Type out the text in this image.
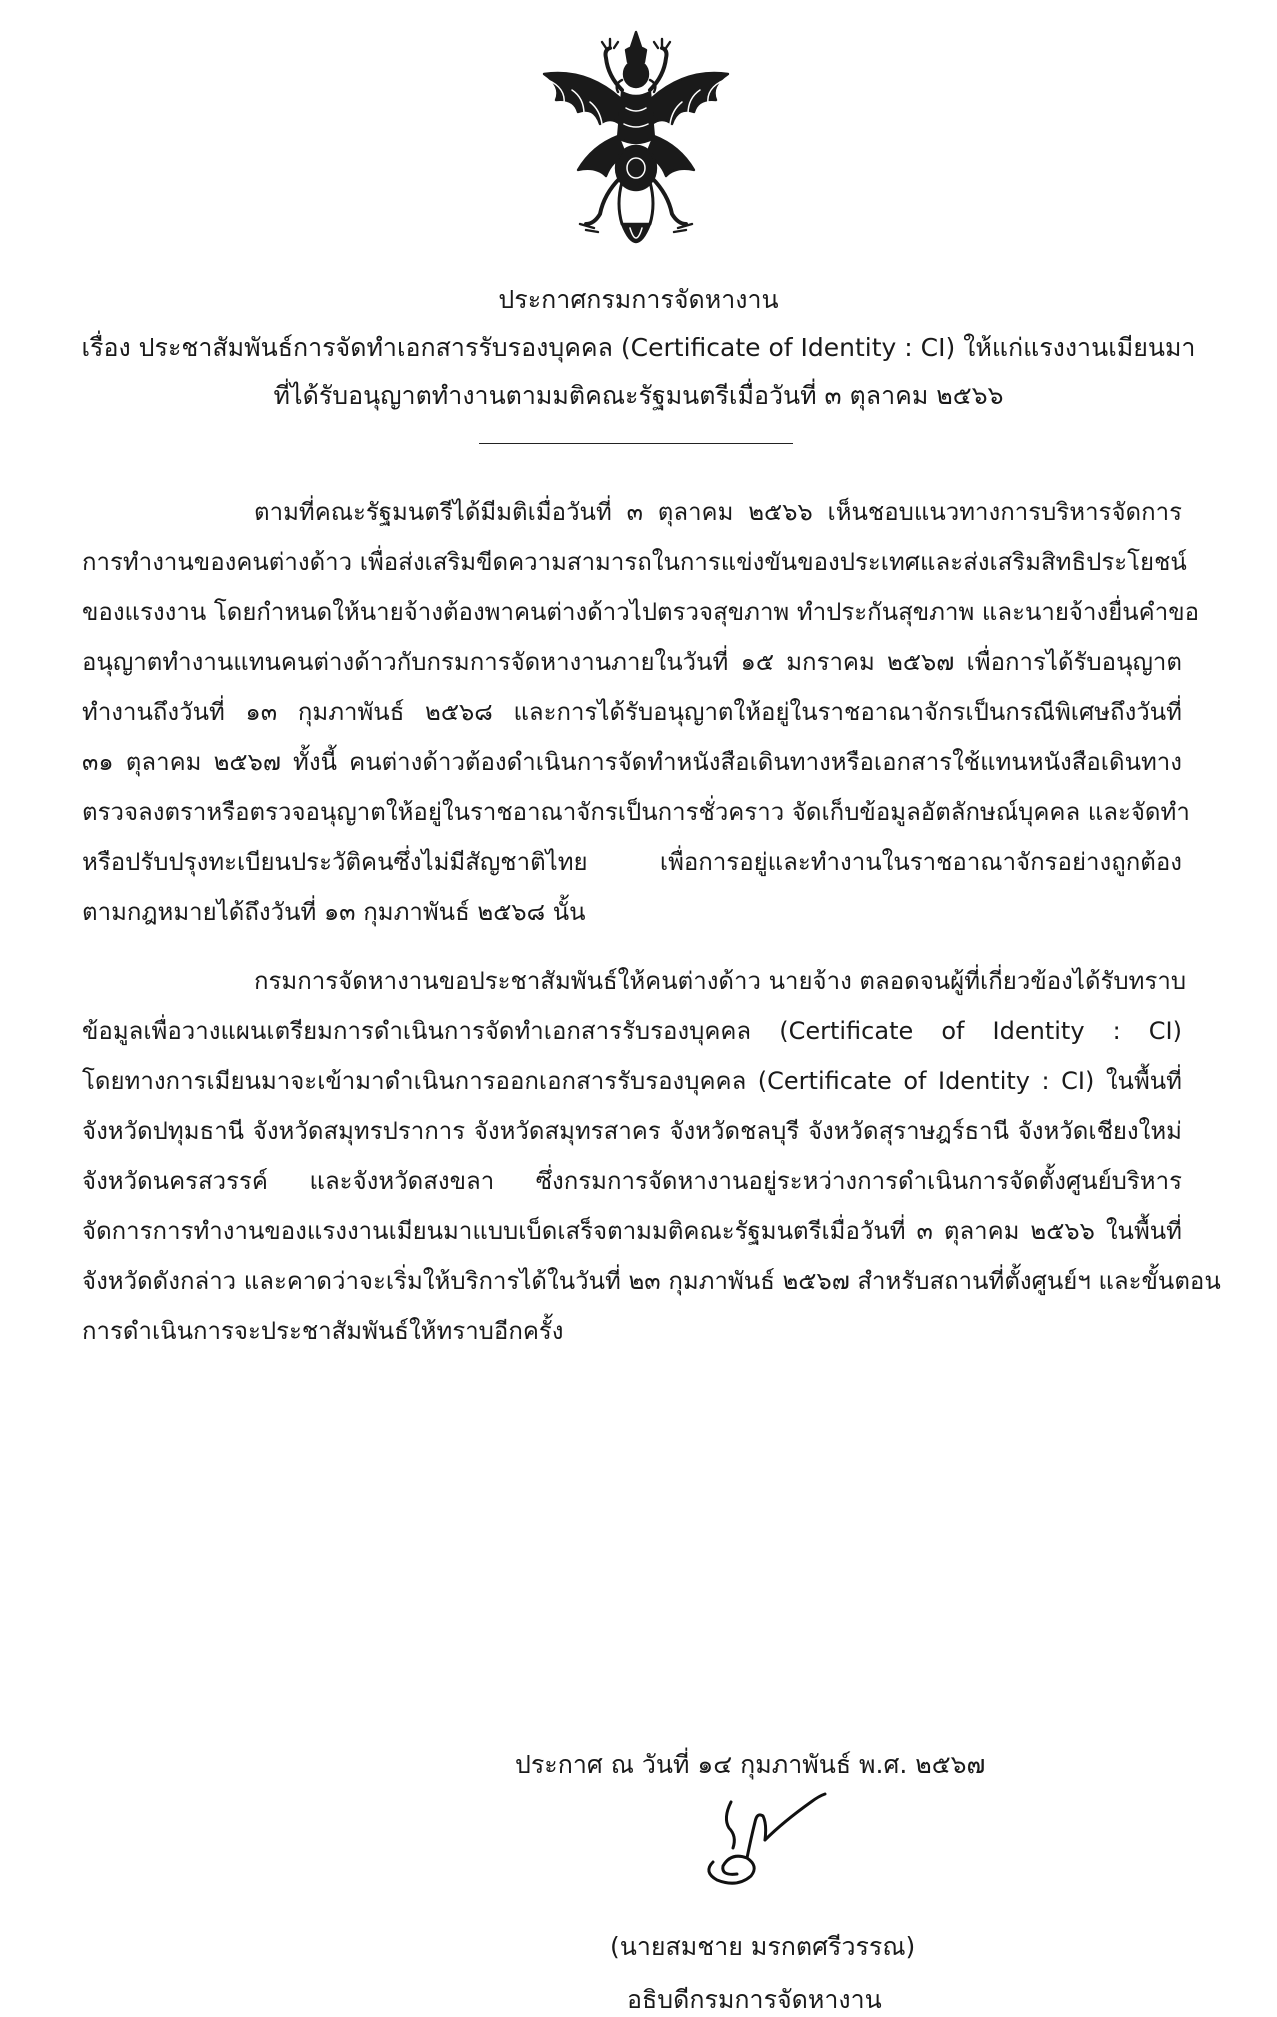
ประกาศกรมการจัดหางาน
เรื่อง ประชาสัมพันธ์การจัดทำเอกสารรับรองบุคคล (Certificate of Identity : CI) ให้แก่แรงงานเมียนมา
ที่ได้รับอนุญาตทำงานตามมติคณะรัฐมนตรีเมื่อวันที่ ๓ ตุลาคม ๒๕๖๖
ตามที่คณะรัฐมนตรีได้มีมติเมื่อวันที่ ๓ ตุลาคม ๒๕๖๖ เห็นชอบแนวทางการบริหารจัดการ
การทำงานของคนต่างด้าว เพื่อส่งเสริมขีดความสามารถในการแข่งขันของประเทศและส่งเสริมสิทธิประโยชน์
ของแรงงาน โดยกำหนดให้นายจ้างต้องพาคนต่างด้าวไปตรวจสุขภาพ ทำประกันสุขภาพ และนายจ้างยื่นคำขอ
อนุญาตทำงานแทนคนต่างด้าวกับกรมการจัดหางานภายในวันที่ ๑๕ มกราคม ๒๕๖๗ เพื่อการได้รับอนุญาต
ทำงานถึงวันที่ ๑๓ กุมภาพันธ์ ๒๕๖๘ และการได้รับอนุญาตให้อยู่ในราชอาณาจักรเป็นกรณีพิเศษถึงวันที่
๓๑ ตุลาคม ๒๕๖๗ ทั้งนี้ คนต่างด้าวต้องดำเนินการจัดทำหนังสือเดินทางหรือเอกสารใช้แทนหนังสือเดินทาง
ตรวจลงตราหรือตรวจอนุญาตให้อยู่ในราชอาณาจักรเป็นการชั่วคราว จัดเก็บข้อมูลอัตลักษณ์บุคคล และจัดทำ
หรือปรับปรุงทะเบียนประวัติคนซึ่งไม่มีสัญชาติไทย เพื่อการอยู่และทำงานในราชอาณาจักรอย่างถูกต้อง
ตามกฎหมายได้ถึงวันที่ ๑๓ กุมภาพันธ์ ๒๕๖๘ นั้น
กรมการจัดหางานขอประชาสัมพันธ์ให้คนต่างด้าว นายจ้าง ตลอดจนผู้ที่เกี่ยวข้องได้รับทราบ
ข้อมูลเพื่อวางแผนเตรียมการดำเนินการจัดทำเอกสารรับรองบุคคล (Certificate of Identity : CI)
โดยทางการเมียนมาจะเข้ามาดำเนินการออกเอกสารรับรองบุคคล (Certificate of Identity : CI) ในพื้นที่
จังหวัดปทุมธานี จังหวัดสมุทรปราการ จังหวัดสมุทรสาคร จังหวัดชลบุรี จังหวัดสุราษฎร์ธานี จังหวัดเชียงใหม่
จังหวัดนครสวรรค์ และจังหวัดสงขลา ซึ่งกรมการจัดหางานอยู่ระหว่างการดำเนินการจัดตั้งศูนย์บริหาร
จัดการการทำงานของแรงงานเมียนมาแบบเบ็ดเสร็จตามมติคณะรัฐมนตรีเมื่อวันที่ ๓ ตุลาคม ๒๕๖๖ ในพื้นที่
จังหวัดดังกล่าว และคาดว่าจะเริ่มให้บริการได้ในวันที่ ๒๓ กุมภาพันธ์ ๒๕๖๗ สำหรับสถานที่ตั้งศูนย์ฯ และขั้นตอน
การดำเนินการจะประชาสัมพันธ์ให้ทราบอีกครั้ง
ประกาศ ณ วันที่ ๑๔ กุมภาพันธ์ พ.ศ. ๒๕๖๗
(นายสมชาย มรกตศรีวรรณ)
อธิบดีกรมการจัดหางาน
